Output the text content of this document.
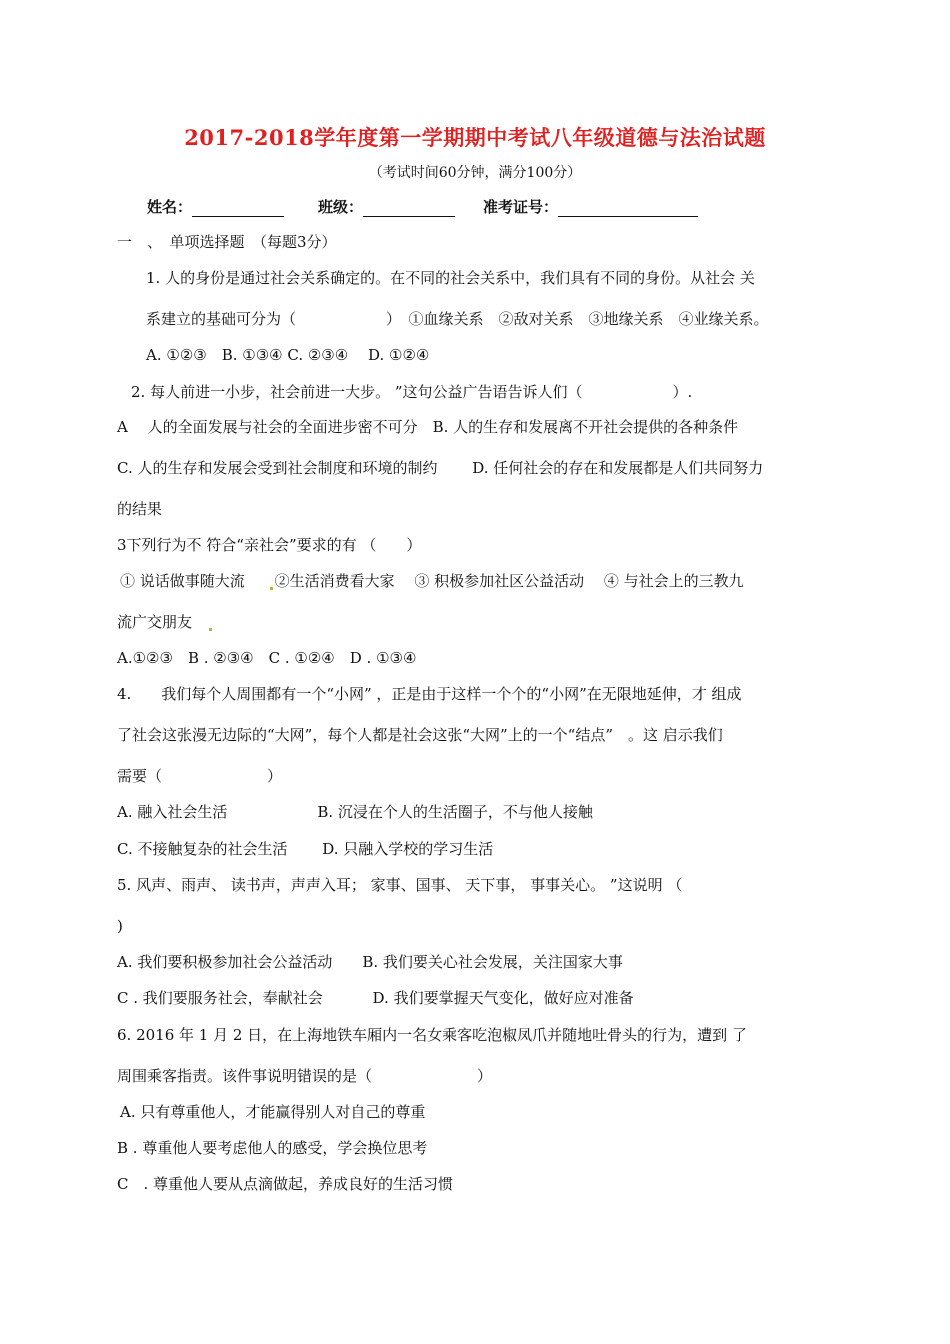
2017-2018学年度第一学期期中考试八年级道德与法治试题
（考试时间60分钟，满分100分）
姓名：	班级：	准考证号：
一　、　单项选择题　（每题3分）
1. 人的身份是通过社会关系确定的。在不同的社会关系中，我们具有不同的身份。从社会 关
系建立的基础可分为（　　　　　　）　①血缘关系　②敌对关系　③地缘关系　④业缘关系。
A. ①②③　B. ①③④ C. ②③④　 D. ①②④
2. 每人前进一小步，社会前进一大步。 ”这句公益广告语告诉人们（　　　　　　）.
A　 人的全面发展与社会的全面进步密不可分　B. 人的生存和发展离不开社会提供的各种条件
C. 人的生存和发展会受到社会制度和环境的制约　　 D. 任何社会的存在和发展都是人们共同努力
的结果
3下列行为不 符合“亲社会”要求的有 （　　）
① 说话做事随大流 ②生活消费看大家　 ③ 积极参加社区公益活动　 ④ 与社会上的三教九
流广交朋友
A.①②③　B . ②③④　C . ①②④　D . ①③④
4.　　我们每个人周围都有一个“小网” ，正是由于这样一个个的“小网”在无限地延伸，才 组成
了社会这张漫无边际的“大网”，每个人都是社会这张“大网”上的一个“结点”　。这 启示我们
需要（　　　　　　　）
A. 融入社会生活　　　　　　B. 沉浸在个人的生活圈子，不与他人接触
C. 不接触复杂的社会生活　　 D. 只融入学校的学习生活
5. 风声、雨声、 读书声，声声入耳； 家事、国事、 天下事， 事事关心。 ”这说明 （
)
A. 我们要积极参加社会公益活动　　B. 我们要关心社会发展，关注国家大事
C . 我们要服务社会，奉献社会　　　 D. 我们要掌握天气变化，做好应对准备
6. 2016 年 1 月 2 日，在上海地铁车厢内一名女乘客吃泡椒凤爪并随地吐骨头的行为，遭到 了
周围乘客指责。该件事说明错误的是（　　　　　　　）
A. 只有尊重他人，才能赢得别人对自己的尊重
B . 尊重他人要考虑他人的感受，学会换位思考
C　. 尊重他人要从点滴做起，养成良好的生活习惯
